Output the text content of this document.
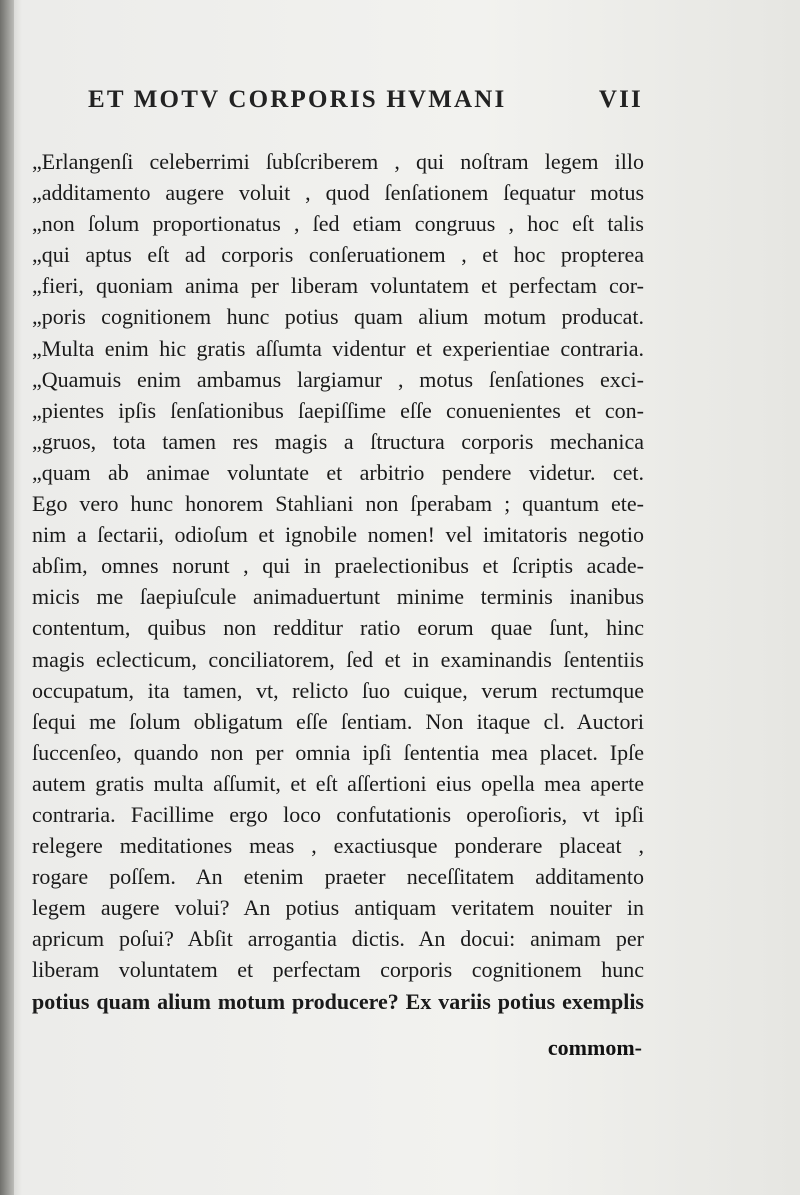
ET MOTV CORPORIS HVMANI	VII
„Erlangenſi celeberrimi ſubſcriberem , qui noſtram legem illo
„additamento augere voluit , quod ſenſationem ſequatur motus
„non ſolum proportionatus , ſed etiam congruus , hoc eſt talis
„qui aptus eſt ad corporis conſeruationem , et hoc propterea
„fieri, quoniam anima per liberam voluntatem et perfectam cor-
„poris cognitionem hunc potius quam alium motum producat.
„Multa enim hic gratis aſſumta videntur et experientiae contraria.
„Quamuis enim ambamus largiamur , motus ſenſationes exci-
„pientes ipſis ſenſationibus ſaepiſſime eſſe conuenientes et con-
„gruos, tota tamen res magis a ſtructura corporis mechanica
„quam ab animae voluntate et arbitrio pendere videtur. cet.
Ego vero hunc honorem Stahliani non ſperabam ; quantum ete-
nim a ſectarii, odioſum et ignobile nomen! vel imitatoris negotio
abſim, omnes norunt , qui in praelectionibus et ſcriptis acade-
micis me ſaepiuſcule animaduertunt minime terminis inanibus
contentum, quibus non redditur ratio eorum quae ſunt, hinc
magis eclecticum, conciliatorem, ſed et in examinandis ſententiis
occupatum, ita tamen, vt, relicto ſuo cuique, verum rectumque
ſequi me ſolum obligatum eſſe ſentiam. Non itaque cl. Auctori
ſuccenſeo, quando non per omnia ipſi ſententia mea placet. Ipſe
autem gratis multa aſſumit, et eſt aſſertioni eius opella mea aperte
contraria. Facillime ergo loco confutationis operoſioris, vt ipſi
relegere meditationes meas , exactiusque ponderare placeat ,
rogare poſſem. An etenim praeter neceſſitatem additamento
legem augere volui? An potius antiquam veritatem nouiter in
apricum poſui? Abſit arrogantia dictis. An docui: animam per
liberam voluntatem et perfectam corporis cognitionem hunc
potius quam alium motum producere? Ex variis potius exemplis
commom-
